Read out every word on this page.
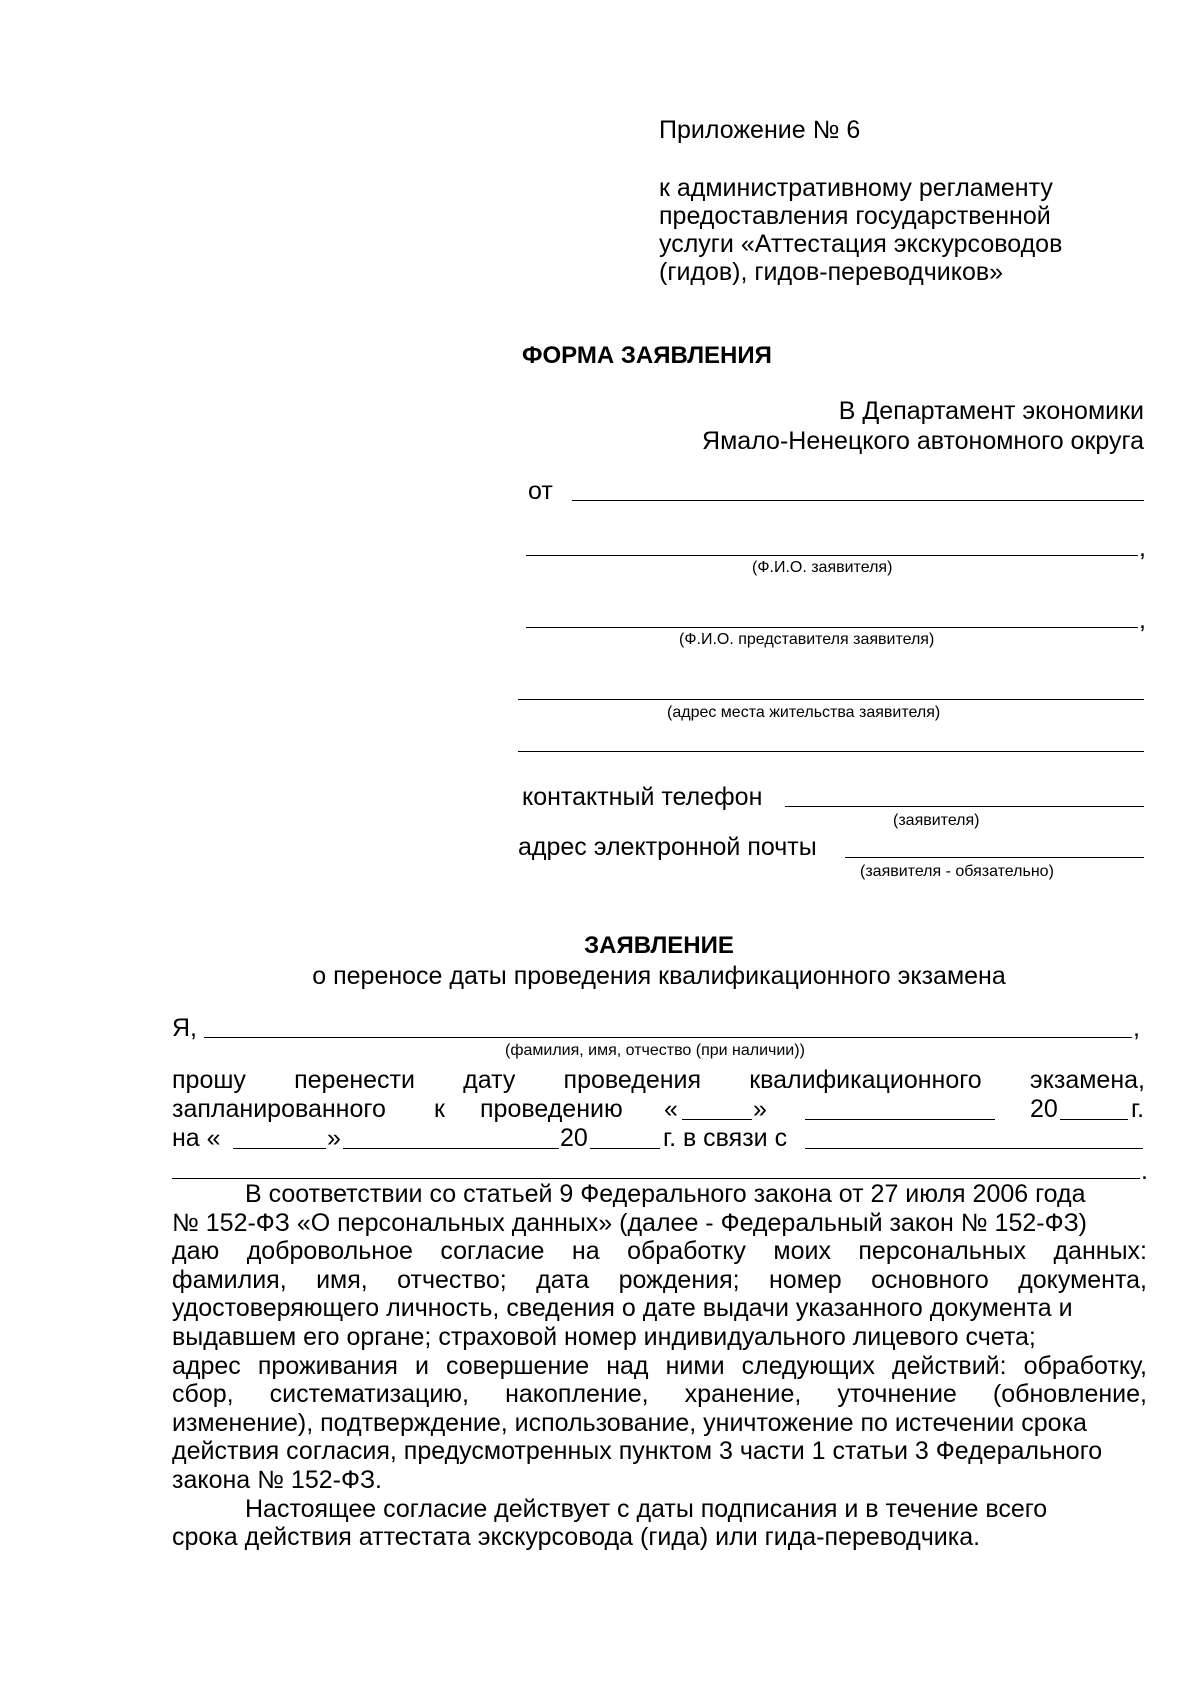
Приложение № 6
к административному регламенту
предоставления государственной
услуги «Аттестация экскурсоводов
(гидов), гидов-переводчиков»
ФОРМА ЗАЯВЛЕНИЯ
В Департамент экономики
Ямало-Ненецкого автономного округа
от
,
(Ф.И.О. заявителя)
,
(Ф.И.О. представителя заявителя)
(адрес места жительства заявителя)
контактный телефон
(заявителя)
адрес электронной почты
(заявителя - обязательно)
ЗАЯВЛЕНИЕ
о переносе даты проведения квалификационного экзамена
Я,	,
(фамилия, имя, отчество (при наличии))
прошу перенести дату проведения квалификационного экзамена,
запланированного к проведению «	»	20	г.
на «	»	20	г. в связи с
.
В соответствии со статьей 9 Федерального закона от 27 июля 2006 года
№ 152-ФЗ «О персональных данных» (далее - Федеральный закон № 152-ФЗ)
даю добровольное согласие на обработку моих персональных данных:
фамилия, имя, отчество; дата рождения; номер основного документа,
удостоверяющего личность, сведения о дате выдачи указанного документа и
выдавшем его органе; страховой номер индивидуального лицевого счета;
адрес проживания и совершение над ними следующих действий: обработку,
сбор, систематизацию, накопление, хранение, уточнение (обновление,
изменение), подтверждение, использование, уничтожение по истечении срока
действия согласия, предусмотренных пунктом 3 части 1 статьи 3 Федерального
закона № 152-ФЗ.
Настоящее согласие действует с даты подписания и в течение всего
срока действия аттестата экскурсовода (гида) или гида-переводчика.
